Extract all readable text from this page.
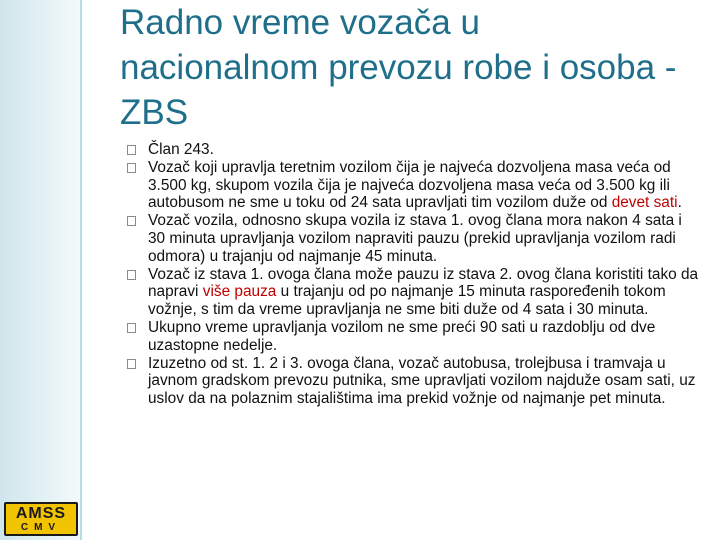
Radno vreme vozača u nacionalnom prevozu robe i osoba - ZBS
Član 243.
Vozač koji upravlja teretnim vozilom čija je najveća dozvoljena masa veća od 3.500 kg, skupom vozila čija je najveća dozvoljena masa veća od 3.500 kg ili autobusom ne sme u toku od 24 sata upravljati tim vozilom duže od devet sati.
Vozač vozila, odnosno skupa vozila iz stava 1. ovog člana mora nakon 4 sata i 30 minuta upravljanja vozilom napraviti pauzu (prekid upravljanja vozilom radi odmora) u trajanju od najmanje 45 minuta.
Vozač iz stava 1. ovoga člana može pauzu iz stava 2. ovog člana koristiti tako da napravi više pauza u trajanju od po najmanje 15 minuta raspoređenih tokom vožnje, s tim da vreme upravljanja ne sme biti duže od 4 sata i 30 minuta.
Ukupno vreme upravljanja vozilom ne sme preći 90 sati u razdoblju od dve uzastopne nedelje.
Izuzetno od st. 1. 2 i 3. ovoga člana, vozač autobusa, trolejbusa i tramvaja u javnom gradskom prevozu putnika, sme upravljati vozilom najduže osam sati, uz uslov da na polaznim stajalištima ima prekid vožnje od najmanje pet minuta.
AMSS
CMV
